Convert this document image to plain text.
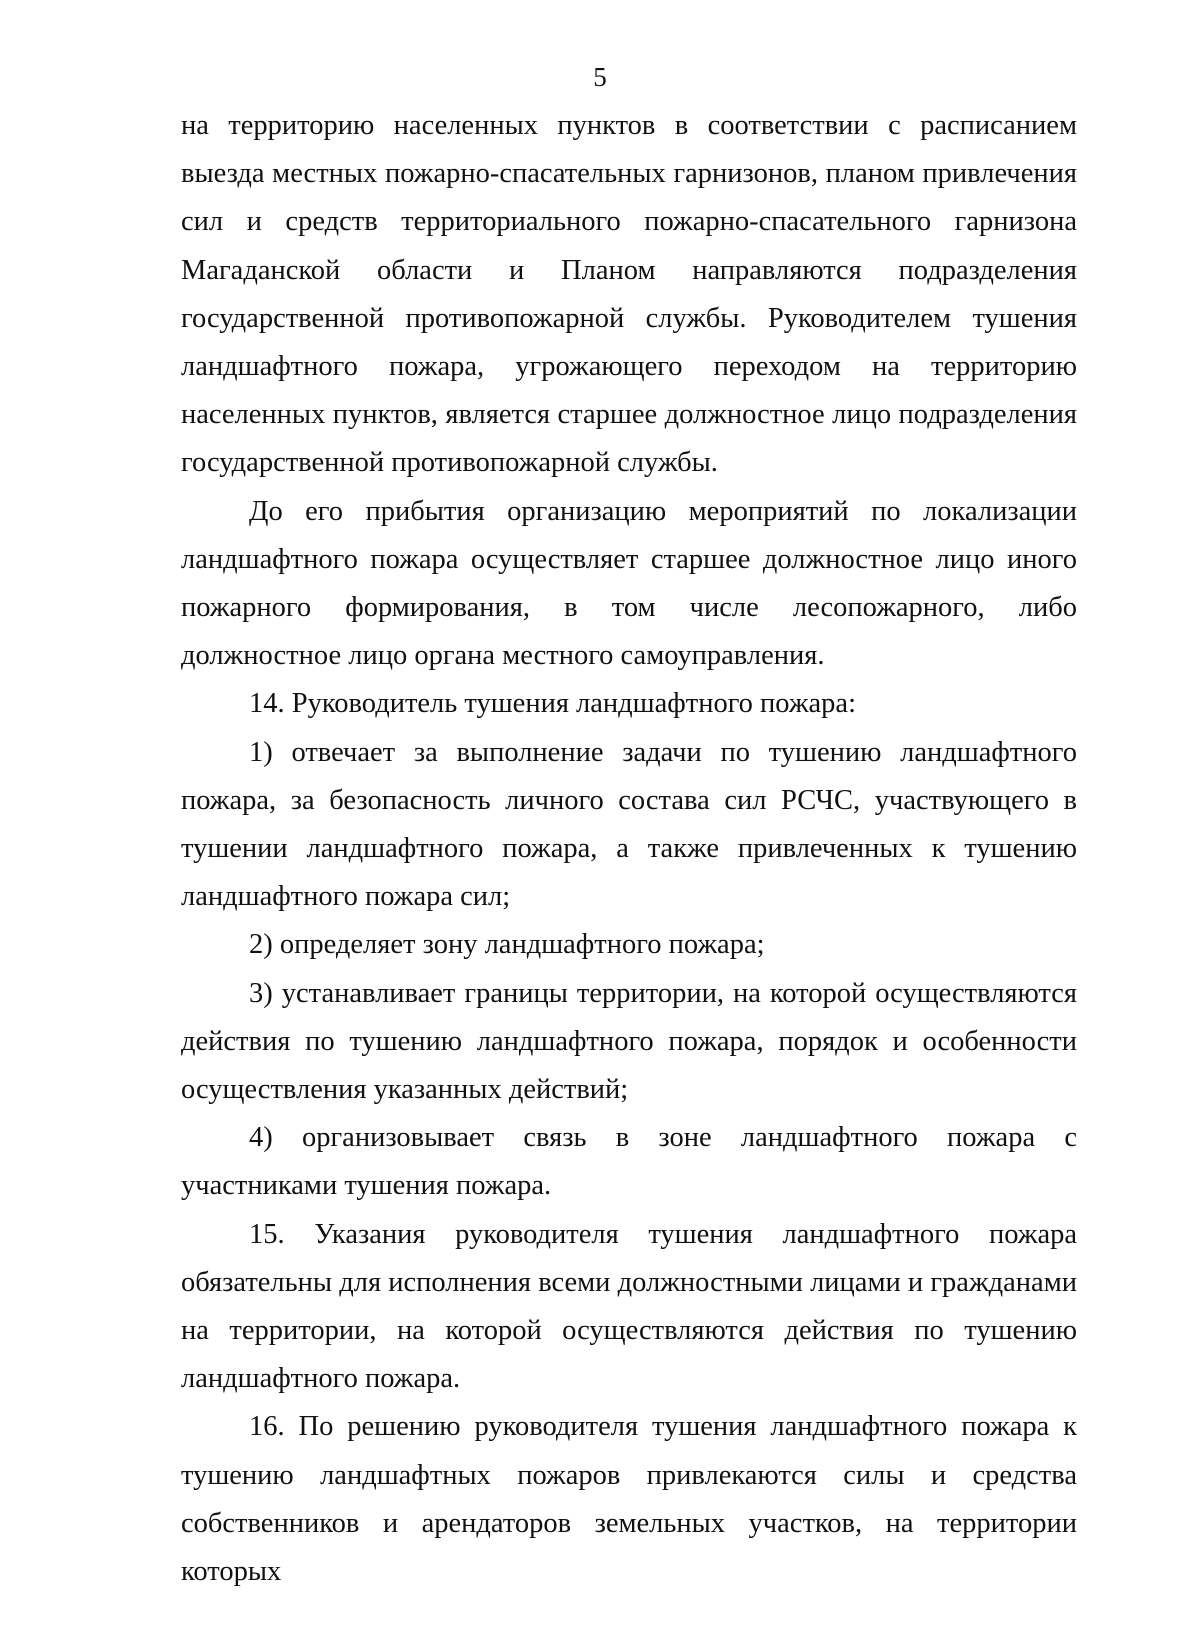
5

на территорию населенных пунктов в соответствии с расписанием выезда местных пожарно-спасательных гарнизонов, планом привлечения сил и средств территориального пожарно-спасательного гарнизона Магаданской области и Планом направляются подразделения государственной противопожарной службы. Руководителем тушения ландшафтного пожара, угрожающего переходом на территорию населенных пунктов, является старшее должностное лицо подразделения государственной противопожарной службы.

До его прибытия организацию мероприятий по локализации ландшафтного пожара осуществляет старшее должностное лицо иного пожарного формирования, в том числе лесопожарного, либо должностное лицо органа местного самоуправления.

14. Руководитель тушения ландшафтного пожара:

1) отвечает за выполнение задачи по тушению ландшафтного пожара, за безопасность личного состава сил РСЧС, участвующего в тушении ландшафтного пожара, а также привлеченных к тушению ландшафтного пожара сил;

2) определяет зону ландшафтного пожара;

3) устанавливает границы территории, на которой осуществляются действия по тушению ландшафтного пожара, порядок и особенности осуществления указанных действий;

4) организовывает связь в зоне ландшафтного пожара с участниками тушения пожара.

15. Указания руководителя тушения ландшафтного пожара обязательны для исполнения всеми должностными лицами и гражданами на территории, на которой осуществляются действия по тушению ландшафтного пожара.

16. По решению руководителя тушения ландшафтного пожара к тушению ландшафтных пожаров привлекаются силы и средства собственников и арендаторов земельных участков, на территории которых
